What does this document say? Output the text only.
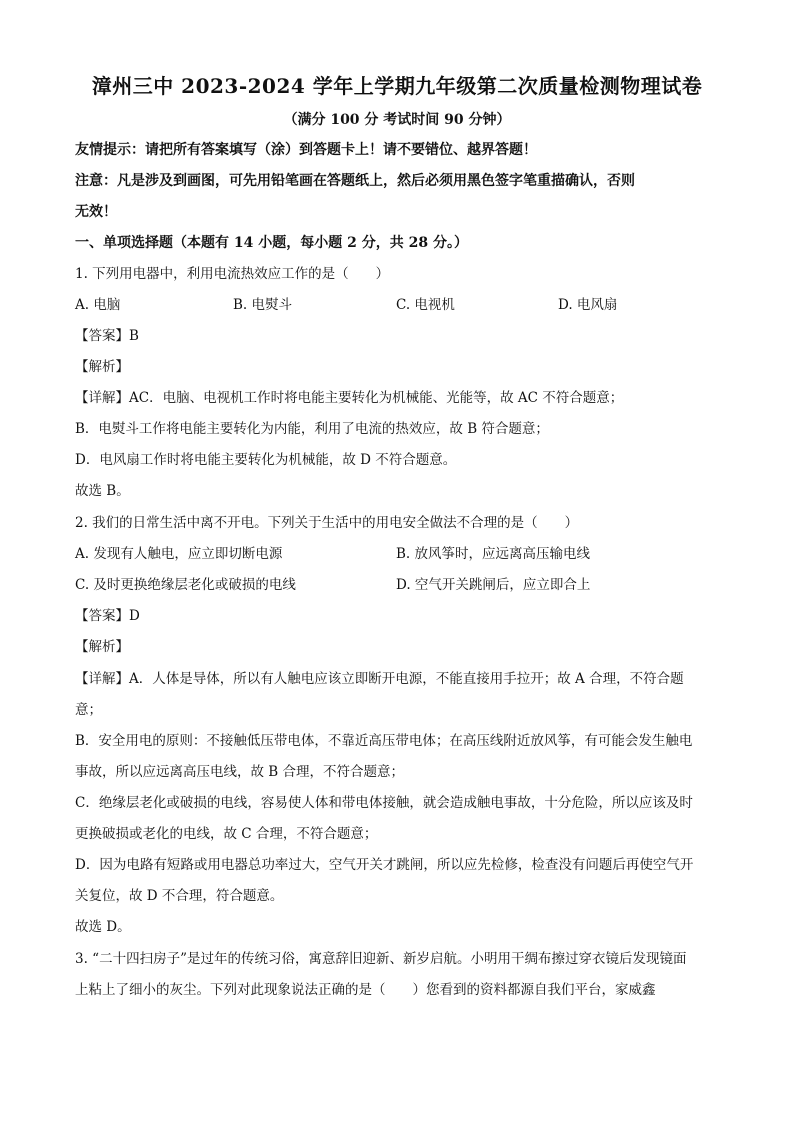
漳州三中 2023-2024 学年上学期九年级第二次质量检测物理试卷
（满分 100 分 考试时间 90 分钟）
友情提示：请把所有答案填写（涂）到答题卡上！请不要错位、越界答题！
注意：凡是涉及到画图，可先用铅笔画在答题纸上，然后必须用黑色签字笔重描确认，否则
无效！
一、单项选择题（本题有 14 小题，每小题 2 分，共 28 分。）
1. 下列用电器中，利用电流热效应工作的是（　　）
A. 电脑	B. 电熨斗	C. 电视机	D. 电风扇
【答案】B
【解析】
【详解】AC．电脑、电视机工作时将电能主要转化为机械能、光能等，故 AC 不符合题意；
B．电熨斗工作将电能主要转化为内能，利用了电流的热效应，故 B 符合题意；
D．电风扇工作时将电能主要转化为机械能，故 D 不符合题意。
故选 B。
2. 我们的日常生活中离不开电。下列关于生活中的用电安全做法不合理的是（　　）
A. 发现有人触电，应立即切断电源	B. 放风筝时，应远离高压输电线
C. 及时更换绝缘层老化或破损的电线	D. 空气开关跳闸后，应立即合上
【答案】D
【解析】
【详解】A．人体是导体，所以有人触电应该立即断开电源，不能直接用手拉开；故 A 合理，不符合题
意；
B．安全用电的原则：不接触低压带电体，不靠近高压带电体；在高压线附近放风筝，有可能会发生触电
事故，所以应远离高压电线，故 B 合理，不符合题意；
C．绝缘层老化或破损的电线，容易使人体和带电体接触，就会造成触电事故，十分危险，所以应该及时
更换破损或老化的电线，故 C 合理，不符合题意；
D．因为电路有短路或用电器总功率过大，空气开关才跳闸，所以应先检修，检查没有问题后再使空气开
关复位，故 D 不合理，符合题意。
故选 D。
3. “二十四扫房子”是过年的传统习俗，寓意辞旧迎新、新岁启航。小明用干绸布擦过穿衣镜后发现镜面
上粘上了细小的灰尘。下列对此现象说法正确的是（　　）您看到的资料都源自我们平台，家威鑫
